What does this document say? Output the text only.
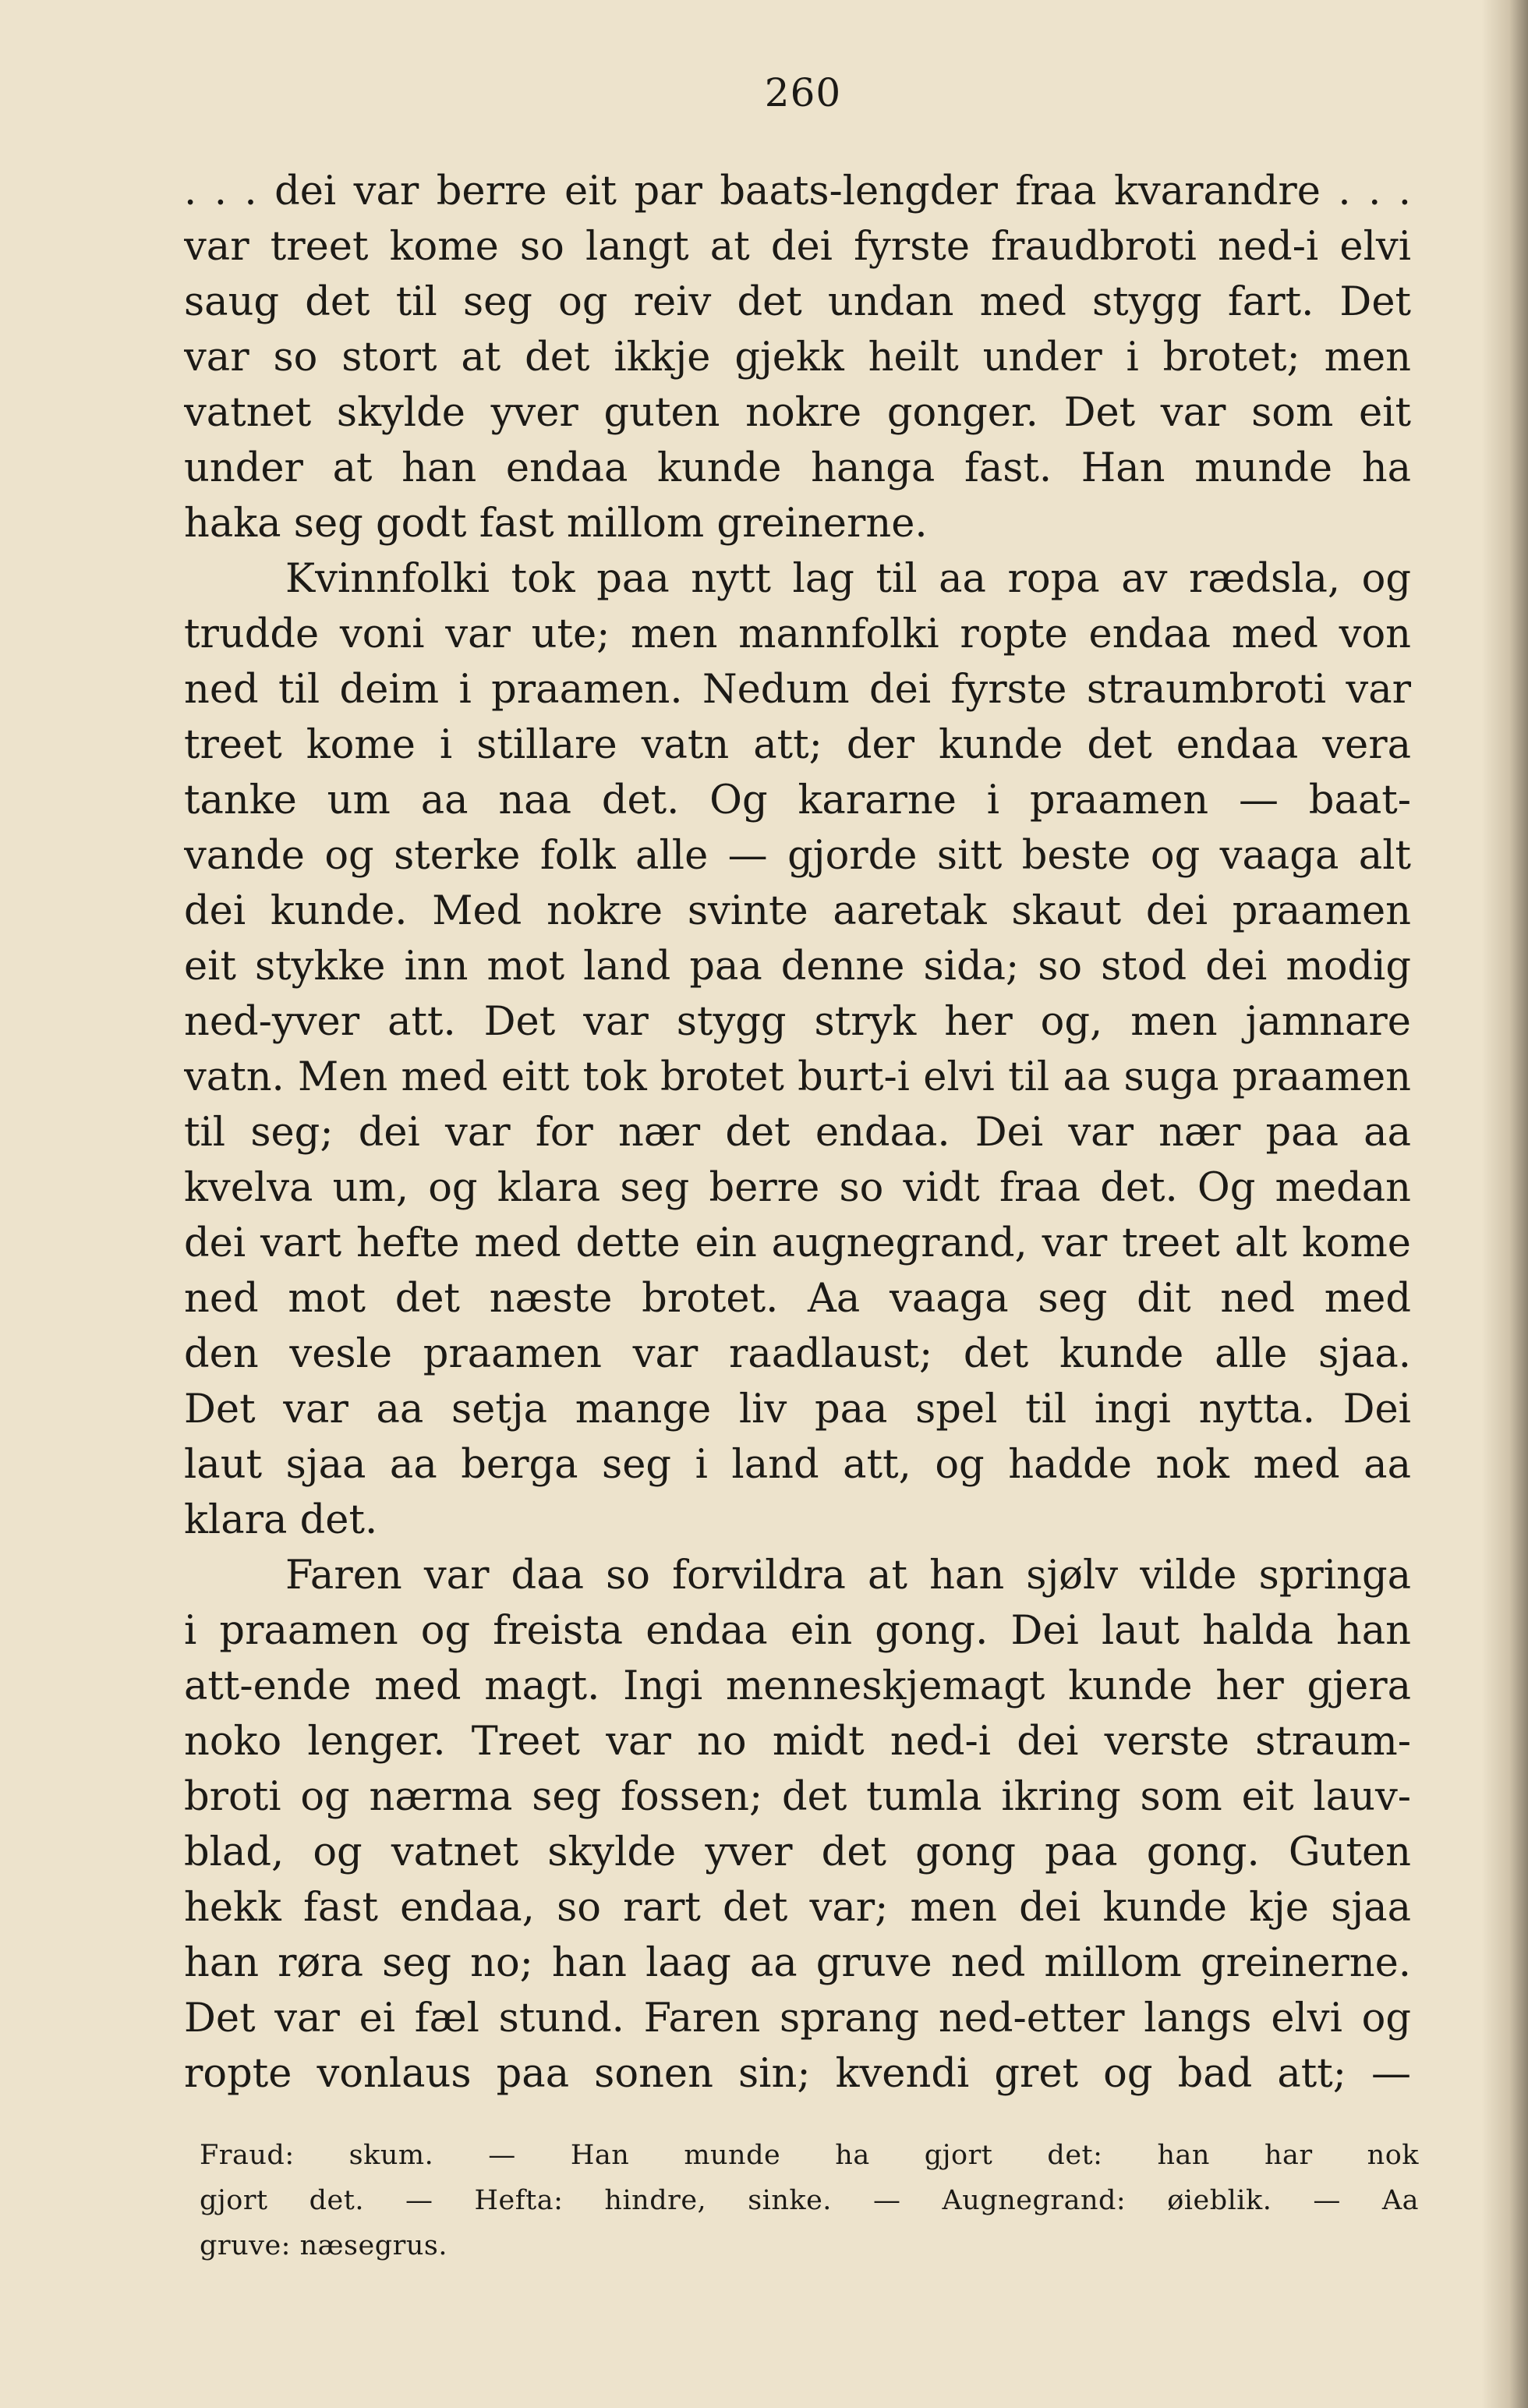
260
. . . dei var berre eit par baats-lengder fraa kvarandre . . .
var treet kome so langt at dei fyrste fraudbroti ned-i elvi
saug det til seg og reiv det undan med stygg fart. Det
var so stort at det ikkje gjekk heilt under i brotet; men
vatnet skylde yver guten nokre gonger. Det var som eit
under at han endaa kunde hanga fast. Han munde ha
haka seg godt fast millom greinerne.
Kvinnfolki tok paa nytt lag til aa ropa av rædsla, og
trudde voni var ute; men mannfolki ropte endaa med von
ned til deim i praamen. Nedum dei fyrste straumbroti var
treet kome i stillare vatn att; der kunde det endaa vera
tanke um aa naa det. Og kararne i praamen — baat-
vande og sterke folk alle — gjorde sitt beste og vaaga alt
dei kunde. Med nokre svinte aaretak skaut dei praamen
eit stykke inn mot land paa denne sida; so stod dei modig
ned-yver att. Det var stygg stryk her og, men jamnare
vatn. Men med eitt tok brotet burt-i elvi til aa suga praamen
til seg; dei var for nær det endaa. Dei var nær paa aa
kvelva um, og klara seg berre so vidt fraa det. Og medan
dei vart hefte med dette ein augnegrand, var treet alt kome
ned mot det næste brotet. Aa vaaga seg dit ned med
den vesle praamen var raadlaust; det kunde alle sjaa.
Det var aa setja mange liv paa spel til ingi nytta. Dei
laut sjaa aa berga seg i land att, og hadde nok med aa
klara det.
Faren var daa so forvildra at han sjølv vilde springa
i praamen og freista endaa ein gong. Dei laut halda han
att-ende med magt. Ingi menneskjemagt kunde her gjera
noko lenger. Treet var no midt ned-i dei verste straum-
broti og nærma seg fossen; det tumla ikring som eit lauv-
blad, og vatnet skylde yver det gong paa gong. Guten
hekk fast endaa, so rart det var; men dei kunde kje sjaa
han røra seg no; han laag aa gruve ned millom greinerne.
Det var ei fæl stund. Faren sprang ned-etter langs elvi og
ropte vonlaus paa sonen sin; kvendi gret og bad att; —
Fraud: skum. — Han munde ha gjort det: han har nok
gjort det. — Hefta: hindre, sinke. — Augnegrand: øieblik. — Aa
gruve: næsegrus.
